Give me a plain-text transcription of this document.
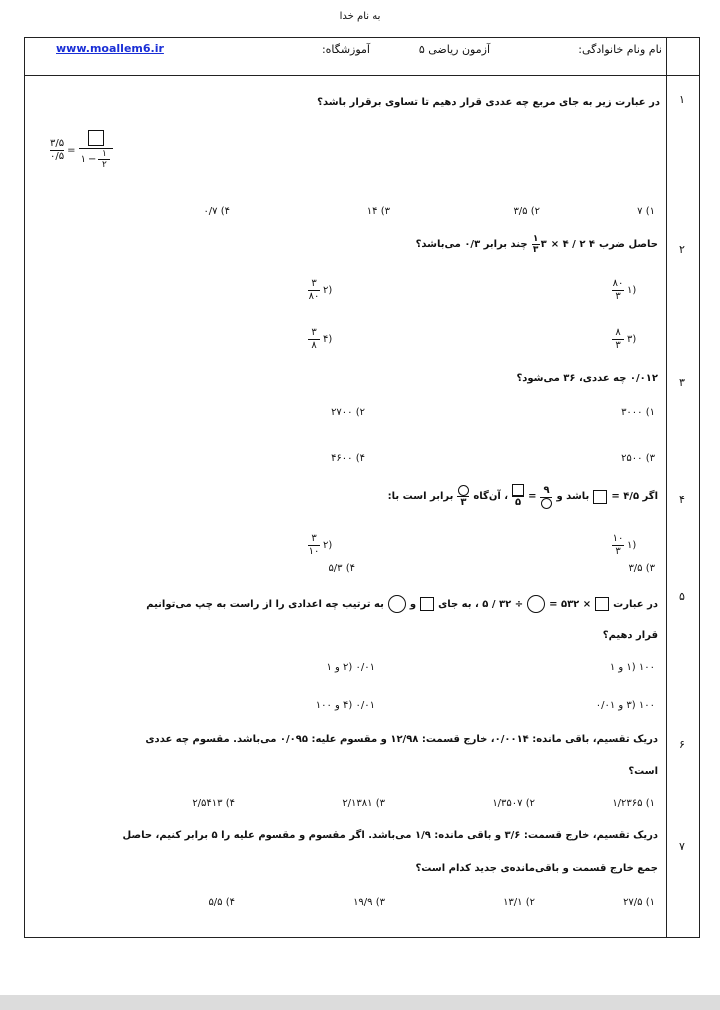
به نام خدا
نام ونام خانوادگی:
آزمون ریاضی ۵
آموزشگاه:
www.moallem6.ir
۱
در عبارت زیر به جای مربع چه عددی قرار دهیم تا تساوی برقرار باشد؟
$\frac{۳/۵}{۰/۵}$ =
۱ − $\frac{۱}{۲}$
۷ (۱
۳/۵ (۲
۱۴ (۳
۰/۷ (۴
۲
حاصل ضرب
۴ ۲ / ۴ ×
$\frac{۱}{۳}$ ۳
چند برابر ۰/۳ می‌باشد؟
(۱
$\frac{۸۰}{۳}$
(۲
$\frac{۳}{۸۰}$
(۳
$\frac{۸}{۳}$
(۴
$\frac{۳}{۸}$
۳
۰/۰۱۲ چه عددی، ۳۶ می‌شود؟
۳۰۰۰ (۱
۲۷۰۰ (۲
۲۵۰۰ (۳
۴۶۰۰ (۴
۴
اگر ۴/۵ =
باشد و
۹
=
۵
، آن‌گاه
۳
برابر است با:
(۱
$\frac{۱۰}{۳}$
(۲
$\frac{۳}{۱۰}$
۳/۵ (۳
۵/۳ (۴
۵
در عبارت
× ۵۳۲ =
÷ ۳۲ / ۵ ، به جای
و
به ترتیب چه اعدادی را از راست به چپ می‌توانیم
قرار دهیم؟
۱۰۰ (۱ و ۱
۰/۰۱ (۲ و ۱
۱۰۰ (۳ و ۰/۰۱
۰/۰۱ (۴ و ۱۰۰
۶
دریک تقسیم، باقی مانده: ۰/۰۰۱۴، خارج قسمت: ۱۲/۹۸ و مقسوم علیه: ۰/۰۹۵ می‌باشد. مقسوم چه عددی
است؟
۱/۲۳۶۵ (۱
۱/۳۵۰۷ (۲
۲/۱۳۸۱ (۳
۲/۵۴۱۳ (۴
۷
دریک تقسیم، خارج قسمت: ۳/۶ و باقی مانده: ۱/۹ می‌باشد. اگر مقسوم و مقسوم علیه را ۵ برابر کنیم، حاصل
جمع خارج قسمت و باقی‌مانده‌ی جدید کدام است؟
۲۷/۵ (۱
۱۳/۱ (۲
۱۹/۹ (۳
۵/۵ (۴
